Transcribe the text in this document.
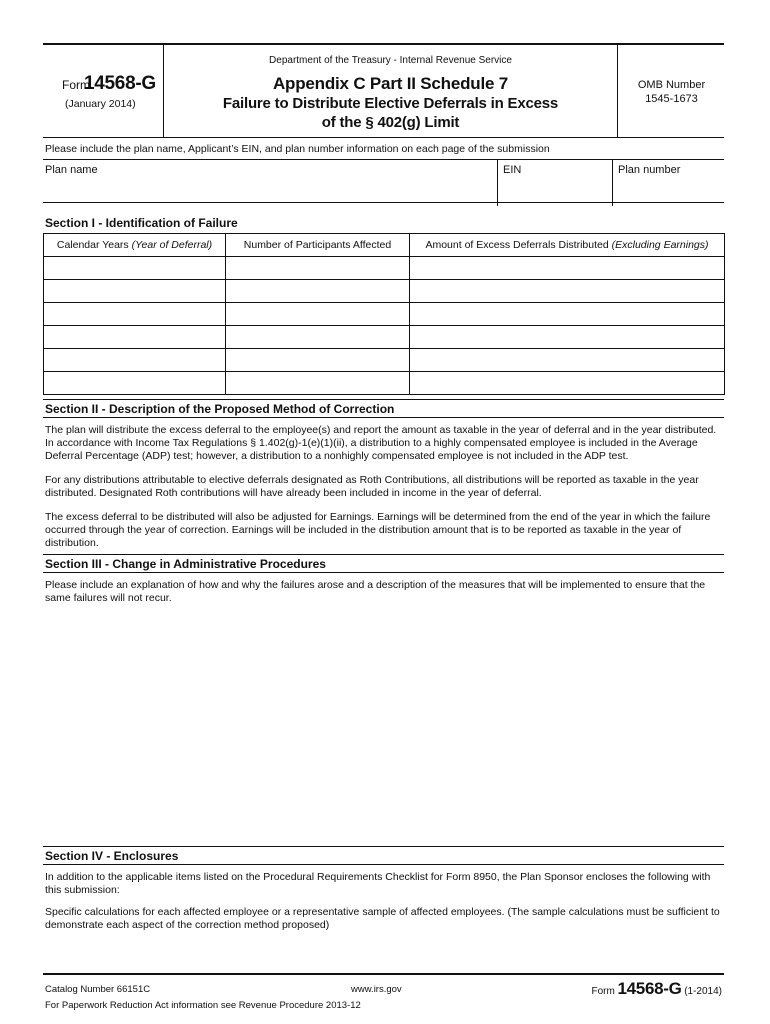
Form
14568-G
(January 2014)
Department of the Treasury - Internal Revenue Service
Appendix C Part II Schedule 7
Failure to Distribute Elective Deferrals in Excess
of the § 402(g) Limit
OMB Number
1545-1673
Please include the plan name, Applicant’s EIN, and plan number information on each page of the submission
Plan name	EIN	Plan number
Section I - Identification of Failure
Calendar Years (Year of Deferral)	Number of Participants Affected	Amount of Excess Deferrals Distributed (Excluding Earnings)

Section II - Description of the Proposed Method of Correction

The plan will distribute the excess deferral to the employee(s) and report the amount as taxable in the year of deferral and in the year distributed. In accordance with Income Tax Regulations § 1.402(g)-1(e)(1)(ii), a distribution to a highly compensated employee is included in the Average Deferral Percentage (ADP) test; however, a distribution to a nonhighly compensated employee is not included in the ADP test.

For any distributions attributable to elective deferrals designated as Roth Contributions, all distributions will be reported as taxable in the year distributed. Designated Roth contributions will have already been included in income in the year of deferral.

The excess deferral to be distributed will also be adjusted for Earnings. Earnings will be determined from the end of the year in which the failure occurred through the year of correction. Earnings will be included in the distribution amount that is to be reported as taxable in the year of distribution.

Section III - Change in Administrative Procedures

Please include an explanation of how and why the failures arose and a description of the measures that will be implemented to ensure that the same failures will not recur.

Section IV - Enclosures

In addition to the applicable items listed on the Procedural Requirements Checklist for Form 8950, the Plan Sponsor encloses the following with this submission:

Specific calculations for each affected employee or a representative sample of affected employees. (The sample calculations must be sufficient to demonstrate each aspect of the correction method proposed)

Catalog Number 66151C	www.irs.gov
For Paperwork Reduction Act information see Revenue Procedure 2013-12
Form 14568-G (1-2014)
